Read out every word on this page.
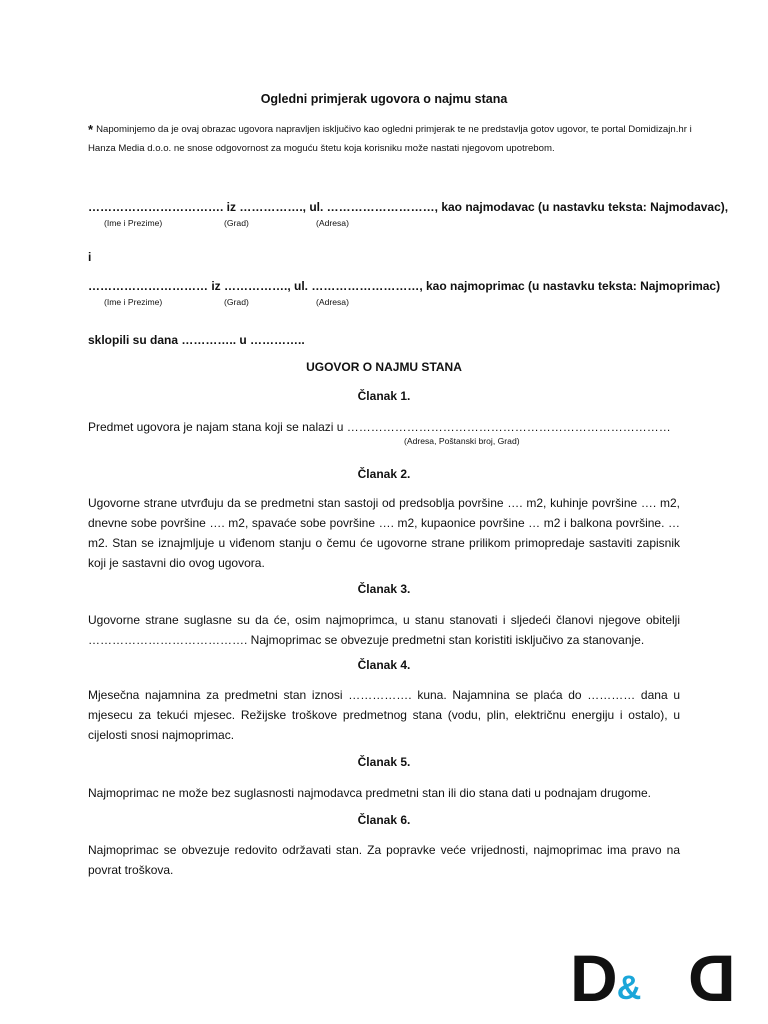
Ogledni primjerak ugovora o najmu stana
* Napominjemo da je ovaj obrazac ugovora napravljen isključivo kao ogledni primjerak te ne predstavlja gotov ugovor, te portal Domidizajn.hr i Hanza Media d.o.o. ne snose odgovornost za moguću štetu koja korisniku može nastati njegovom upotrebom.
……………………………. iz ……………., ul. ………………………, kao najmodavac (u nastavku teksta: Najmodavac),
(Ime i Prezime)	(Grad)	(Adresa)
i
………………………… iz ……………., ul. ………………………, kao najmoprimac (u nastavku teksta: Najmoprimac)
(Ime i Prezime)	(Grad)	(Adresa)
sklopili su dana ………….. u …………..
UGOVOR O NAJMU STANA
Članak 1.
Predmet ugovora je najam stana koji se nalazi u ………………………………………………………………………
(Adresa, Poštanski broj, Grad)
Članak 2.
Ugovorne strane utvrđuju da se predmetni stan sastoji od predsoblja površine …. m2, kuhinje površine …. m2, dnevne sobe površine …. m2, spavaće sobe površine …. m2, kupaonice površine … m2 i balkona površine. … m2. Stan se iznajmljuje u viđenom stanju o čemu će ugovorne strane prilikom primopredaje sastaviti zapisnik koji je sastavni dio ovog ugovora.
Članak 3.
Ugovorne strane suglasne su da će, osim najmoprimca, u stanu stanovati i sljedeći članovi njegove obitelji …………………………………. Najmoprimac se obvezuje predmetni stan koristiti isključivo za stanovanje.
Članak 4.
Mjesečna najamnina za predmetni stan iznosi ……………. kuna. Najamnina se plaća do ………… dana u mjesecu za tekući mjesec. Režijske troškove predmetnog stana (vodu, plin, električnu energiju i ostalo), u cijelosti snosi najmoprimac.
Članak 5.
Najmoprimac ne može bez suglasnosti najmodavca predmetni stan ili dio stana dati u podnajam drugome.
Članak 6.
Najmoprimac se obvezuje redovito održavati stan. Za popravke veće vrijednosti, najmoprimac ima pravo na povrat troškova.
D D
&
